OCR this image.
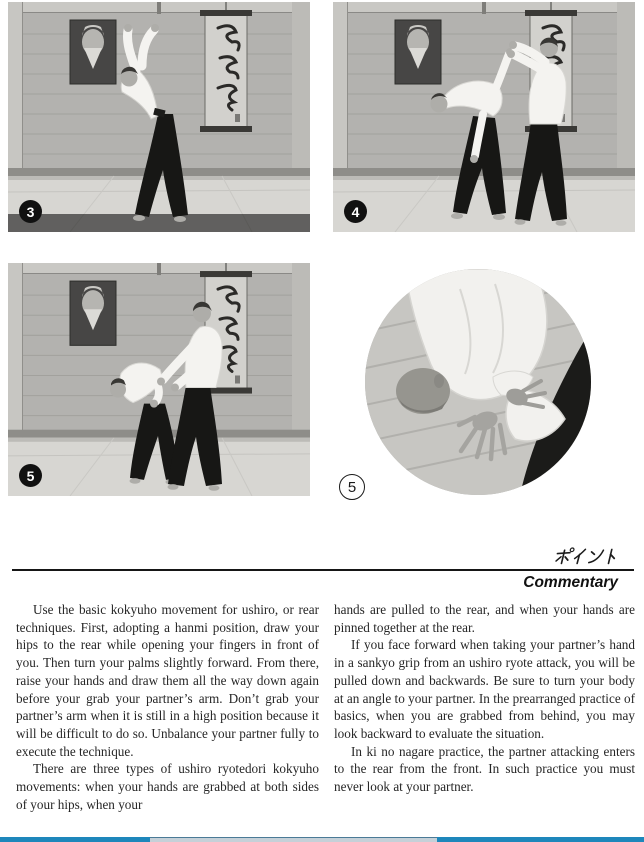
3	4
5
5
Commentary

Use the basic kokyuho movement for ushiro, or rear techniques. First, adopting a hanmi position, draw your hips to the rear while opening your fingers in front of you. Then turn your palms slightly forward. From there, raise your hands and draw them all the way down again before your grab your partner’s arm. Don’t grab your partner’s arm when it is still in a high position because it will be difficult to do so. Unbalance your partner fully to execute the technique.

There are three types of ushiro ryotedori kokyuho movements: when your hands are grabbed at both sides of your hips, when your

hands are pulled to the rear, and when your hands are pinned together at the rear.

If you face forward when taking your partner’s hand in a sankyo grip from an ushiro ryote attack, you will be pulled down and backwards. Be sure to turn your body at an angle to your partner. In the prearranged practice of basics, when you are grabbed from behind, you may look backward to evaluate the situation.

In ki no nagare practice, the partner attacking enters to the rear from the front. In such practice you must never look at your partner.
